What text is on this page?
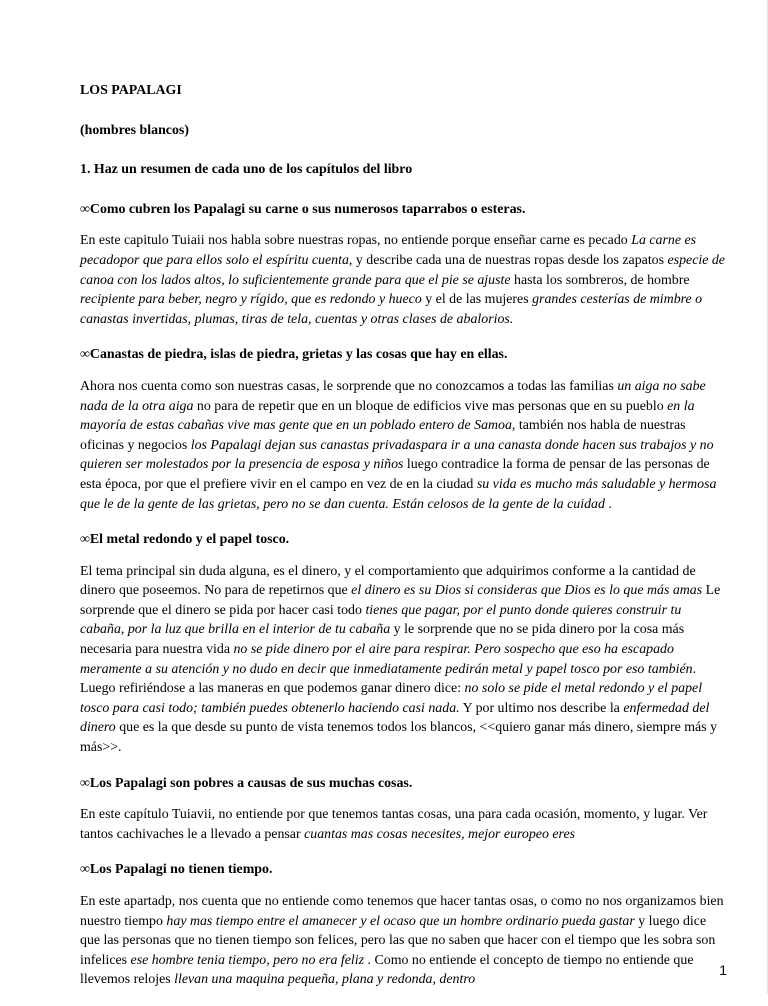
LOS PAPALAGI

(hombres blancos)

1. Haz un resumen de cada uno de los capítulos del libro

∞Como cubren los Papalagi su carne o sus numerosos taparrabos o esteras.

En este capitulo Tuiaii nos habla sobre nuestras ropas, no entiende porque enseñar carne es pecado La carne es pecadopor que para ellos solo el espíritu cuenta, y describe cada una de nuestras ropas desde los zapatos especie de canoa con los lados altos, lo suficientemente grande para que el pie se ajuste hasta los sombreros, de hombre recipiente para beber, negro y rígido, que es redondo y hueco y el de las mujeres grandes cesterías de mimbre o canastas invertidas, plumas, tiras de tela, cuentas y otras clases de abalorios.

∞Canastas de piedra, islas de piedra, grietas y las cosas que hay en ellas.

Ahora nos cuenta como son nuestras casas, le sorprende que no conozcamos a todas las familias un aiga no sabe nada de la otra aiga no para de repetir que en un bloque de edificios vive mas personas que en su pueblo en la mayoría de estas cabañas vive mas gente que en un poblado entero de Samoa, también nos habla de nuestras oficinas y negocios los Papalagi dejan sus canastas privadaspara ir a una canasta donde hacen sus trabajos y no quieren ser molestados por la presencia de esposa y niños luego contradice la forma de pensar de las personas de esta época, por que el prefiere vivir en el campo en vez de en la ciudad su vida es mucho más saludable y hermosa que le de la gente de las grietas, pero no se dan cuenta. Están celosos de la gente de la cuidad .

∞El metal redondo y el papel tosco.

El tema principal sin duda alguna, es el dinero, y el comportamiento que adquirimos conforme a la cantidad de dinero que poseemos. No para de repetirnos que el dinero es su Dios si consideras que Dios es lo que más amas Le sorprende que el dinero se pida por hacer casi todo tienes que pagar, por el punto donde quieres construir tu cabaña, por la luz que brilla en el interior de tu cabaña y le sorprende que no se pida dinero por la cosa más necesaria para nuestra vida no se pide dinero por el aire para respirar. Pero sospecho que eso ha escapado meramente a su atención y no dudo en decir que inmediatamente pedirán metal y papel tosco por eso también. Luego refiriéndose a las maneras en que podemos ganar dinero dice: no solo se pide el metal redondo y el papel tosco para casi todo; también puedes obtenerlo haciendo casi nada. Y por ultimo nos describe la enfermedad del dinero que es la que desde su punto de vista tenemos todos los blancos, <<quiero ganar más dinero, siempre más y más>>.

∞Los Papalagi son pobres a causas de sus muchas cosas.

En este capítulo Tuiavii, no entiende por que tenemos tantas cosas, una para cada ocasión, momento, y lugar. Ver tantos cachivaches le a llevado a pensar cuantas mas cosas necesites, mejor europeo eres

∞Los Papalagi no tienen tiempo.

En este apartadp, nos cuenta que no entiende como tenemos que hacer tantas osas, o como no nos organizamos bien nuestro tiempo hay mas tiempo entre el amanecer y el ocaso que un hombre ordinario pueda gastar y luego dice que las personas que no tienen tiempo son felices, pero las que no saben que hacer con el tiempo que les sobra son infelices ese hombre tenia tiempo, pero no era feliz . Como no entiende el concepto de tiempo no entiende que llevemos relojes llevan una maquina pequeña, plana y redonda, dentro

1
